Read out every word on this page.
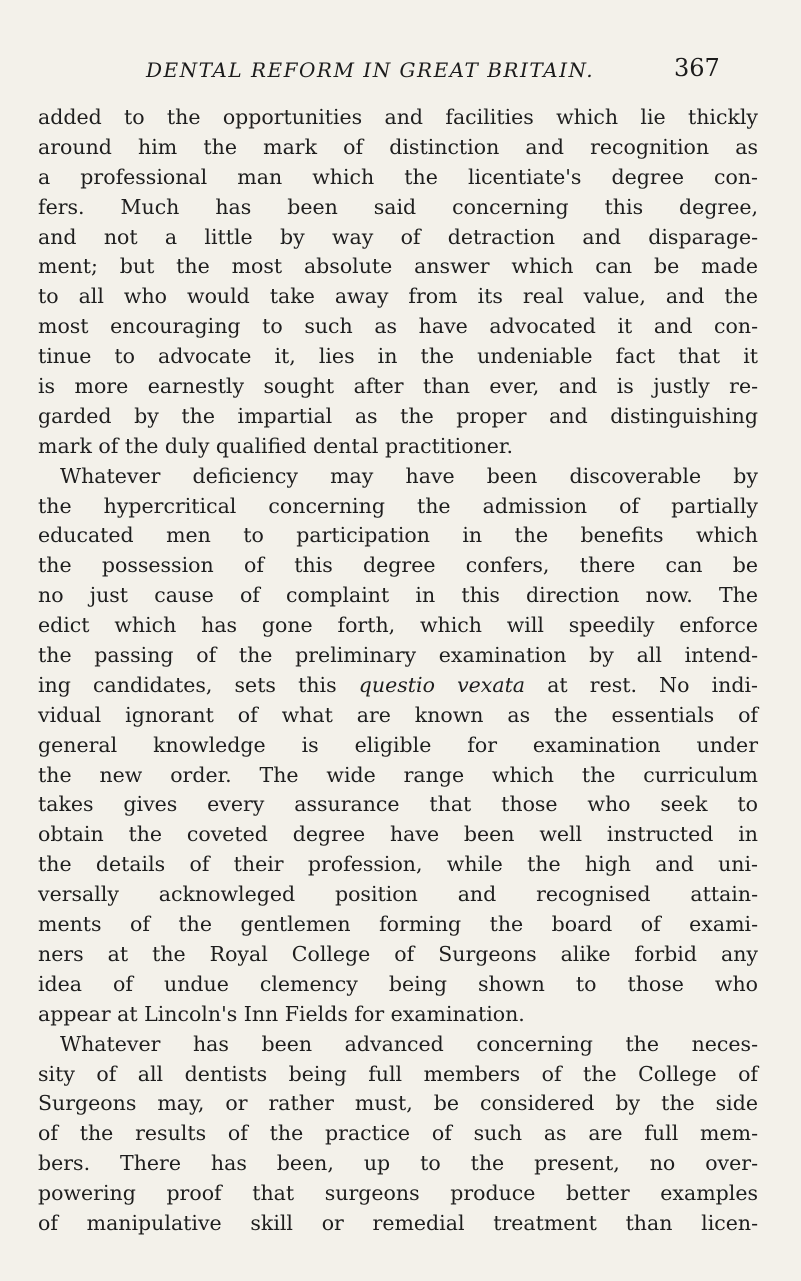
DENTAL REFORM IN GREAT BRITAIN.	367
added to the opportunities and facilities which lie thickly
around him the mark of distinction and recognition as
a professional man which the licentiate's degree con-
fers. Much has been said concerning this degree,
and not a little by way of detraction and disparage-
ment; but the most absolute answer which can be made
to all who would take away from its real value, and the
most encouraging to such as have advocated it and con-
tinue to advocate it, lies in the undeniable fact that it
is more earnestly sought after than ever, and is justly re-
garded by the impartial as the proper and distinguishing
mark of the duly qualified dental practitioner.
Whatever deficiency may have been discoverable by
the hypercritical concerning the admission of partially
educated men to participation in the benefits which
the possession of this degree confers, there can be
no just cause of complaint in this direction now. The
edict which has gone forth, which will speedily enforce
the passing of the preliminary examination by all intend-
ing candidates, sets this questio vexata at rest. No indi-
vidual ignorant of what are known as the essentials of
general knowledge is eligible for examination under
the new order. The wide range which the curriculum
takes gives every assurance that those who seek to
obtain the coveted degree have been well instructed in
the details of their profession, while the high and uni-
versally acknowleged position and recognised attain-
ments of the gentlemen forming the board of exami-
ners at the Royal College of Surgeons alike forbid any
idea of undue clemency being shown to those who
appear at Lincoln's Inn Fields for examination.
Whatever has been advanced concerning the neces-
sity of all dentists being full members of the College of
Surgeons may, or rather must, be considered by the side
of the results of the practice of such as are full mem-
bers. There has been, up to the present, no over-
powering proof that surgeons produce better examples
of manipulative skill or remedial treatment than licen-
